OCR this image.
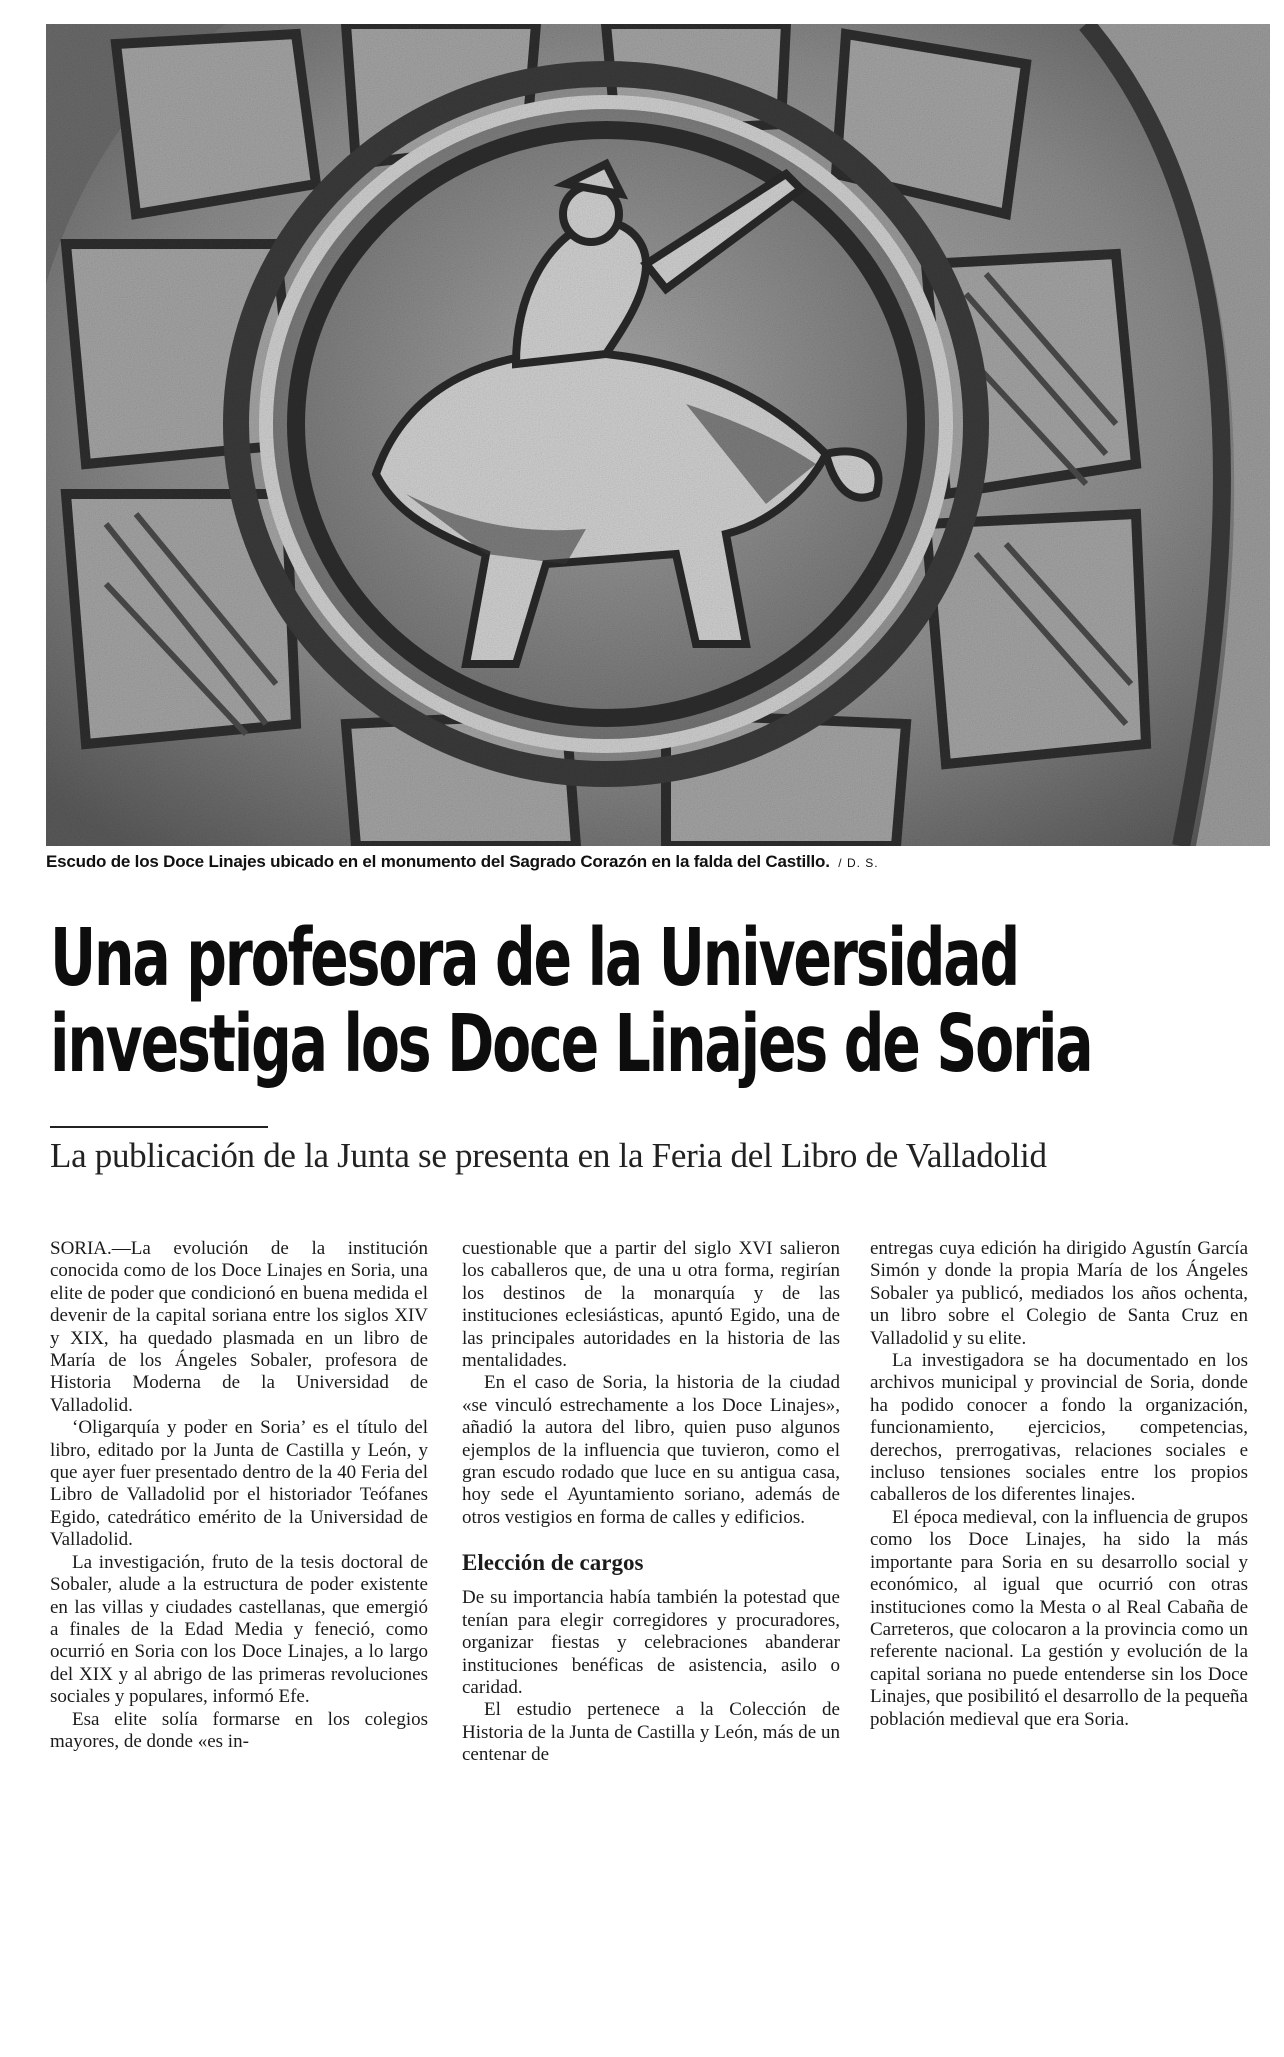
Escudo de los Doce Linajes ubicado en el monumento del Sagrado Corazón en la falda del Castillo. / D. S.
Una profesora de la Universidad
investiga los Doce Linajes de Soria
La publicación de la Junta se presenta en la Feria del Libro de Valladolid

SORIA.—La evolución de la institución conocida como de los Doce Linajes en Soria, una elite de poder que condicionó en buena medida el devenir de la capital soriana entre los siglos XIV y XIX, ha quedado plasmada en un libro de María de los Ángeles Sobaler, profesora de Historia Moderna de la Universidad de Valladolid.

‘Oligarquía y poder en Soria’ es el título del libro, editado por la Junta de Castilla y León, y que ayer fuer presentado dentro de la 40 Feria del Libro de Valladolid por el historiador Teófanes Egido, catedrático emérito de la Universidad de Valladolid.

La investigación, fruto de la tesis doctoral de Sobaler, alude a la estructura de poder existente en las villas y ciudades castellanas, que emergió a finales de la Edad Media y feneció, como ocurrió en Soria con los Doce Linajes, a lo largo del XIX y al abrigo de las primeras revoluciones sociales y populares, informó Efe.

Esa elite solía formarse en los colegios mayores, de donde «es in-

cuestionable que a partir del siglo XVI salieron los caballeros que, de una u otra forma, regirían los destinos de la monarquía y de las instituciones eclesiásticas, apuntó Egido, una de las principales autoridades en la historia de las mentalidades.

En el caso de Soria, la historia de la ciudad «se vinculó estrechamente a los Doce Linajes», añadió la autora del libro, quien puso algunos ejemplos de la influencia que tuvieron, como el gran escudo rodado que luce en su antigua casa, hoy sede el Ayuntamiento soriano, además de otros vestigios en forma de calles y edificios.

Elección de cargos

De su importancia había también la potestad que tenían para elegir corregidores y procuradores, organizar fiestas y celebraciones abanderar instituciones benéficas de asistencia, asilo o caridad.

El estudio pertenece a la Colección de Historia de la Junta de Castilla y León, más de un centenar de

entregas cuya edición ha dirigido Agustín García Simón y donde la propia María de los Ángeles Sobaler ya publicó, mediados los años ochenta, un libro sobre el Colegio de Santa Cruz en Valladolid y su elite.

La investigadora se ha documentado en los archivos municipal y provincial de Soria, donde ha podido conocer a fondo la organización, funcionamiento, ejercicios, competencias, derechos, prerrogativas, relaciones sociales e incluso tensiones sociales entre los propios caballeros de los diferentes linajes.

El época medieval, con la influencia de grupos como los Doce Linajes, ha sido la más importante para Soria en su desarrollo social y económico, al igual que ocurrió con otras instituciones como la Mesta o al Real Cabaña de Carreteros, que colocaron a la provincia como un referente nacional. La gestión y evolución de la capital soriana no puede entenderse sin los Doce Linajes, que posibilitó el desarrollo de la pequeña población medieval que era Soria.
